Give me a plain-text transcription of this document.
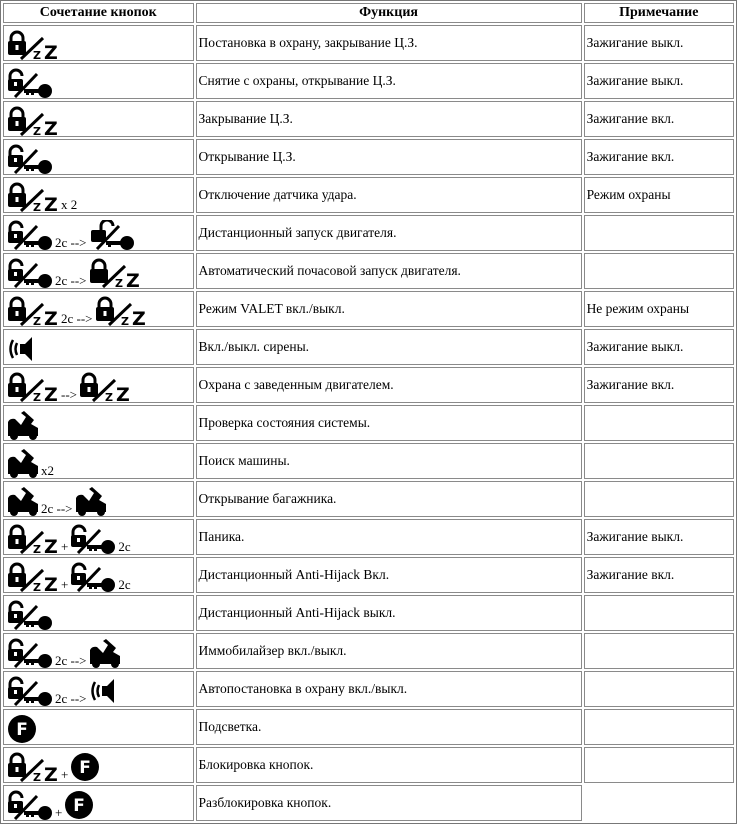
Сочетание кнопок	Функция	Примечание

Z Z	Постановка в охрану, закрывание Ц.З.	Зажигание выкл.

	Снятие с охраны, открывание Ц.З.	Зажигание выкл.

Z Z	Закрывание Ц.З.	Зажигание вкл.

	Открывание Ц.З.	Зажигание вкл.

Z Z x 2	Отключение датчика удара.	Режим охраны

2с -->	Дистанционный запуск двигателя.	

2с --> Z Z	Автоматический почасовой запуск двигателя.	

Z Z 2с --> Z Z	Режим VALET вкл./выкл.	Не режим охраны

	Вкл./выкл. сирены.	Зажигание выкл.

Z Z --> Z Z	Охрана с заведенным двигателем.	Зажигание вкл.

	Проверка состояния системы.	

x2	Поиск машины.	

2с -->	Открывание багажника.	

Z Z + 2с	Паника.	Зажигание выкл.

Z Z + 2с	Дистанционный Anti-Hijack Вкл.	Зажигание вкл.

	Дистанционный Anti-Hijack выкл.	

2с -->	Иммобилайзер вкл./выкл.	

2с -->	Автопостановка в охрану вкл./выкл.	

F	Подсветка.	

Z Z + F	Блокировка кнопок.	

+ F	Разблокировка кнопок.	
